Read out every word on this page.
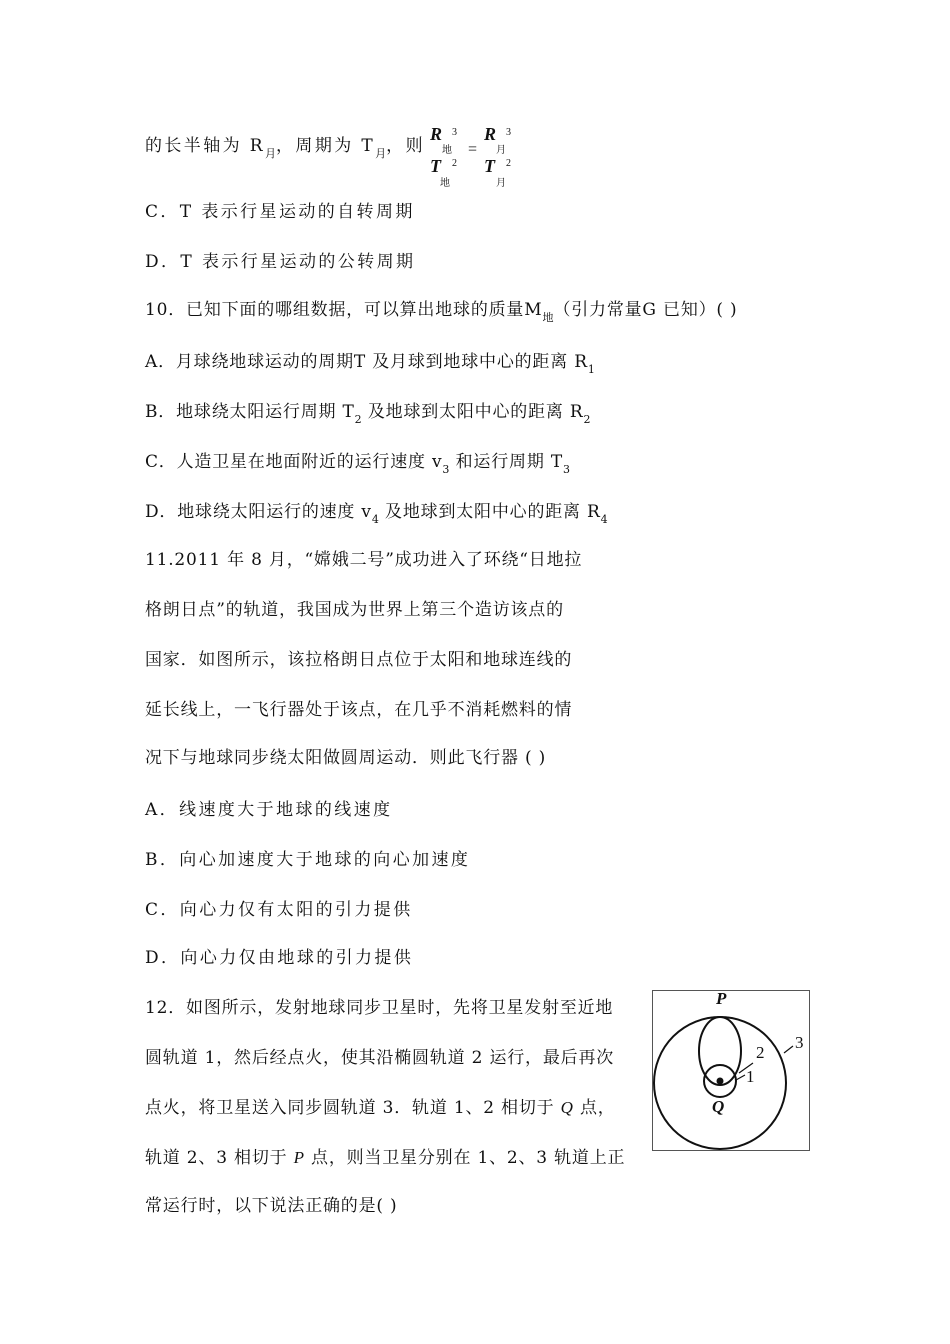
的长半轴为 $R_月$，周期为 $T_月$，则
R 3
地
T 2
地
=
R 3
月
T 2
月
C．T 表示行星运动的自转周期
D．T 表示行星运动的公转周期
10．已知下面的哪组数据，可以算出地球的质量$M_地$（引力常量G 已知）( )
A．月球绕地球运动的周期T 及月球到地球中心的距离 $R_1$
B．地球绕太阳运行周期 $T_2$ 及地球到太阳中心的距离 $R_2$
C．人造卫星在地面附近的运行速度 $v_3$ 和运行周期 $T_3$
D．地球绕太阳运行的速度 $v_4$ 及地球到太阳中心的距离 $R_4$
11.2011 年 8 月，“嫦娥二号”成功进入了环绕“日地拉
格朗日点”的轨道，我国成为世界上第三个造访该点的
国家．如图所示，该拉格朗日点位于太阳和地球连线的
延长线上，一飞行器处于该点，在几乎不消耗燃料的情
况下与地球同步绕太阳做圆周运动．则此飞行器 ( )
A．线速度大于地球的线速度
B．向心加速度大于地球的向心加速度
C．向心力仅有太阳的引力提供
D．向心力仅由地球的引力提供
12．如图所示，发射地球同步卫星时，先将卫星发射至近地
圆轨道 1，然后经点火，使其沿椭圆轨道 2 运行，最后再次
点火，将卫星送入同步圆轨道 3．轨道 1、2 相切于 Q 点，
轨道 2、3 相切于 P 点，则当卫星分别在 1、2、3 轨道上正
常运行时，以下说法正确的是( )
P
Q
1
2
3
